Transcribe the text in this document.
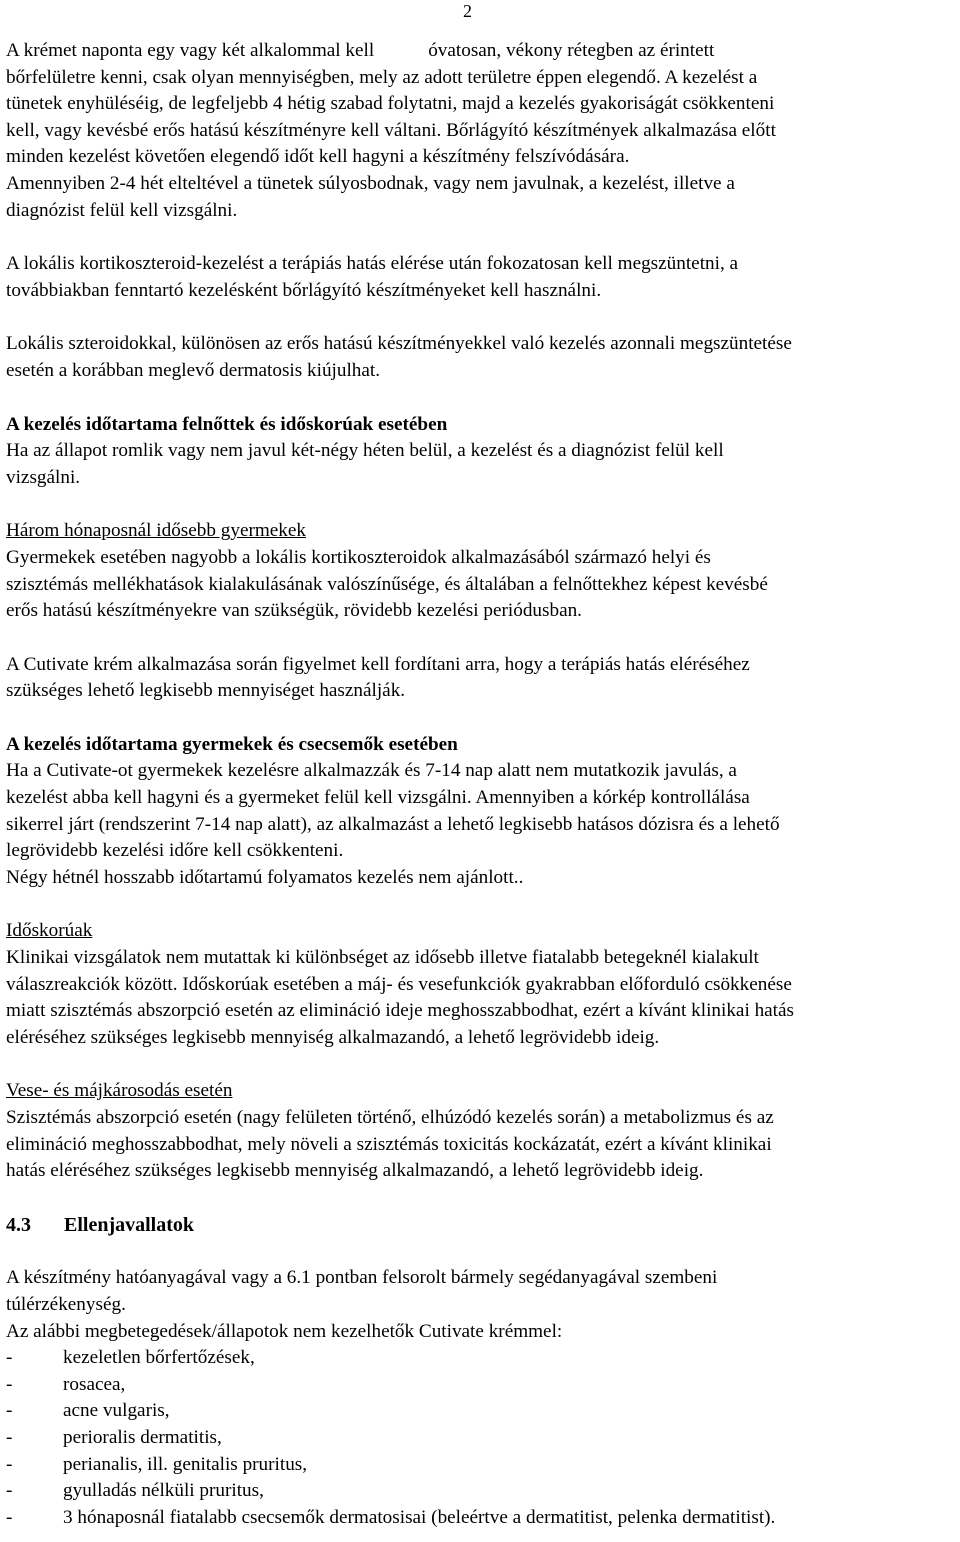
2

A krémet naponta egy vagy két alkalommal kell	óvatosan, vékony rétegben az érintett

bőrfelületre kenni, csak olyan mennyiségben, mely az adott területre éppen elegendő. A kezelést a

tünetek enyhüléséig, de legfeljebb 4 hétig szabad folytatni, majd a kezelés gyakoriságát csökkenteni

kell, vagy kevésbé erős hatású készítményre kell váltani. Bőrlágyító készítmények alkalmazása előtt

minden kezelést követően elegendő időt kell hagyni a készítmény felszívódására.

Amennyiben 2-4 hét elteltével a tünetek súlyosbodnak, vagy nem javulnak, a kezelést, illetve a

diagnózist felül kell vizsgálni.

A lokális kortikoszteroid-kezelést a terápiás hatás elérése után fokozatosan kell megszüntetni, a

továbbiakban fenntartó kezelésként bőrlágyító készítményeket kell használni.

Lokális szteroidokkal, különösen az erős hatású készítményekkel való kezelés azonnali megszüntetése

esetén a korábban meglevő dermatosis kiújulhat.

A kezelés időtartama felnőttek és időskorúak esetében

Ha az állapot romlik vagy nem javul két-négy héten belül, a kezelést és a diagnózist felül kell

vizsgálni.

Három hónaposnál idősebb gyermekek

Gyermekek esetében nagyobb a lokális kortikoszteroidok alkalmazásából származó helyi és

szisztémás mellékhatások kialakulásának valószínűsége, és általában a felnőttekhez képest kevésbé

erős hatású készítményekre van szükségük, rövidebb kezelési periódusban.

A Cutivate krém alkalmazása során figyelmet kell fordítani arra, hogy a terápiás hatás eléréséhez

szükséges lehető legkisebb mennyiséget használják.

A kezelés időtartama gyermekek és csecsemők esetében

Ha a Cutivate-ot gyermekek kezelésre alkalmazzák és 7-14 nap alatt nem mutatkozik javulás, a

kezelést abba kell hagyni és a gyermeket felül kell vizsgálni. Amennyiben a kórkép kontrollálása

sikerrel járt (rendszerint 7-14 nap alatt), az alkalmazást a lehető legkisebb hatásos dózisra és a lehető

legrövidebb kezelési időre kell csökkenteni.

Négy hétnél hosszabb időtartamú folyamatos kezelés nem ajánlott..

Időskorúak

Klinikai vizsgálatok nem mutattak ki különbséget az idősebb illetve fiatalabb betegeknél kialakult

válaszreakciók között. Időskorúak esetében a máj- és vesefunkciók gyakrabban előforduló csökkenése

miatt szisztémás abszorpció esetén az elimináció ideje meghosszabbodhat, ezért a kívánt klinikai hatás

eléréséhez szükséges legkisebb mennyiség alkalmazandó, a lehető legrövidebb ideig.

Vese- és májkárosodás esetén

Szisztémás abszorpció esetén (nagy felületen történő, elhúzódó kezelés során) a metabolizmus és az

elimináció meghosszabbodhat, mely növeli a szisztémás toxicitás kockázatát, ezért a kívánt klinikai

hatás eléréséhez szükséges legkisebb mennyiség alkalmazandó, a lehető legrövidebb ideig.

4.3 Ellenjavallatok

A készítmény hatóanyagával vagy a 6.1 pontban felsorolt bármely segédanyagával szembeni

túlérzékenység.

Az alábbi megbetegedések/állapotok nem kezelhetők Cutivate krémmel:

-	kezeletlen bőrfertőzések,

-	rosacea,

-	acne vulgaris,

-	perioralis dermatitis,

-	perianalis, ill. genitalis pruritus,

-	gyulladás nélküli pruritus,

-	3 hónaposnál fiatalabb csecsemők dermatosisai (beleértve a dermatitist, pelenka dermatitist).
